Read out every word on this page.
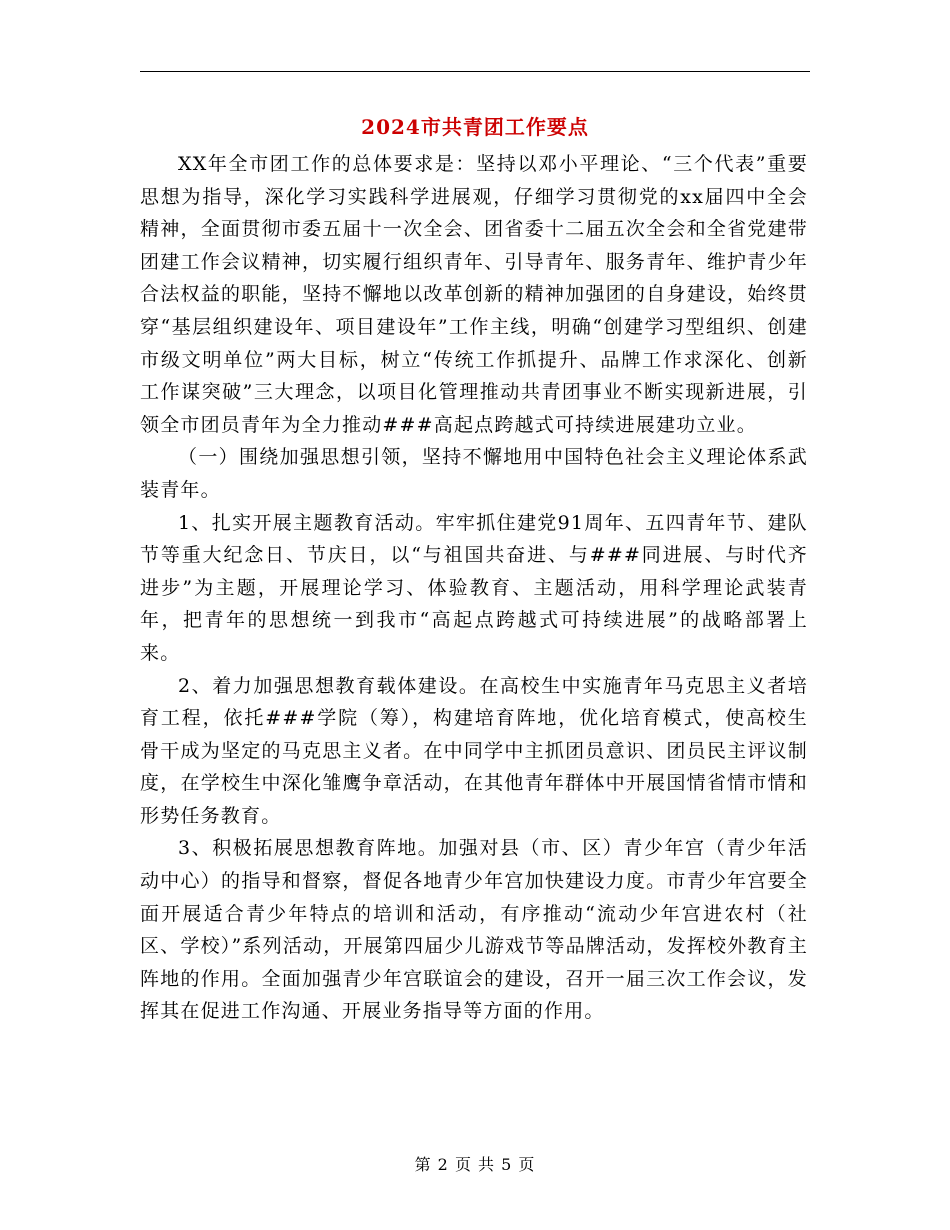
2024市共青团工作要点

XX年全市团工作的总体要求是：坚持以邓小平理论、“三个代表”重要思想为指导，深化学习实践科学进展观，仔细学习贯彻党的xx届四中全会精神，全面贯彻市委五届十一次全会、团省委十二届五次全会和全省党建带团建工作会议精神，切实履行组织青年、引导青年、服务青年、维护青少年合法权益的职能，坚持不懈地以改革创新的精神加强团的自身建设，始终贯穿“基层组织建设年、项目建设年”工作主线，明确“创建学习型组织、创建市级文明单位”两大目标，树立“传统工作抓提升、品牌工作求深化、创新工作谋突破”三大理念，以项目化管理推动共青团事业不断实现新进展，引领全市团员青年为全力推动###高起点跨越式可持续进展建功立业。

（一）围绕加强思想引领，坚持不懈地用中国特色社会主义理论体系武装青年。

1、扎实开展主题教育活动。牢牢抓住建党91周年、五四青年节、建队节等重大纪念日、节庆日，以“与祖国共奋进、与###同进展、与时代齐进步”为主题，开展理论学习、体验教育、主题活动，用科学理论武装青年，把青年的思想统一到我市“高起点跨越式可持续进展”的战略部署上来。

2、着力加强思想教育载体建设。在高校生中实施青年马克思主义者培育工程，依托###学院（筹），构建培育阵地，优化培育模式，使高校生骨干成为坚定的马克思主义者。在中同学中主抓团员意识、团员民主评议制度，在学校生中深化雏鹰争章活动，在其他青年群体中开展国情省情市情和形势任务教育。

3、积极拓展思想教育阵地。加强对县（市、区）青少年宫（青少年活动中心）的指导和督察，督促各地青少年宫加快建设力度。市青少年宫要全面开展适合青少年特点的培训和活动，有序推动“流动少年宫进农村（社区、学校）”系列活动，开展第四届少儿游戏节等品牌活动，发挥校外教育主阵地的作用。全面加强青少年宫联谊会的建设，召开一届三次工作会议，发挥其在促进工作沟通、开展业务指导等方面的作用。

第 2 页 共 5 页
